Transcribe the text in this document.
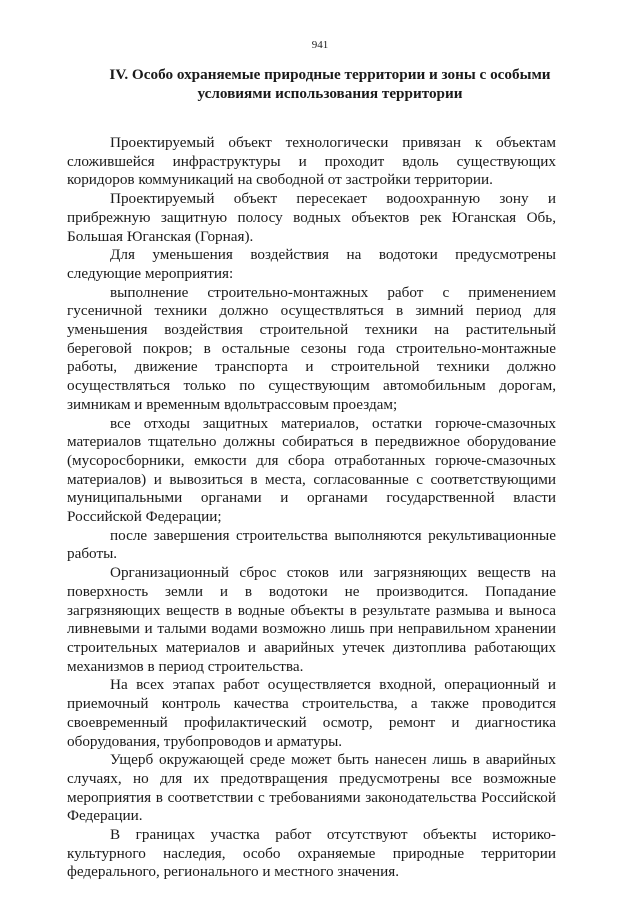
941
IV. Особо охраняемые природные территории и зоны с особыми
условиями использования территории

Проектируемый объект технологически привязан к объектам сложившейся инфраструктуры и проходит вдоль существующих коридоров коммуникаций на свободной от застройки территории.

Проектируемый объект пересекает водоохранную зону и прибрежную защитную полосу водных объектов рек Юганская Обь, Большая Юганская (Горная).

Для уменьшения воздействия на водотоки предусмотрены следующие мероприятия:

выполнение строительно-монтажных работ с применением гусеничной техники должно осуществляться в зимний период для уменьшения воздействия строительной техники на растительный береговой покров; в остальные сезоны года строительно-монтажные работы, движение транспорта и строительной техники должно осуществляться только по существующим автомобильным дорогам, зимникам и временным вдольтрассовым проездам;

все отходы защитных материалов, остатки горюче-смазочных материалов тщательно должны собираться в передвижное оборудование (мусоросборники, емкости для сбора отработанных горюче-смазочных материалов) и вывозиться в места, согласованные с соответствующими муниципальными органами и органами государственной власти Российской Федерации;

после завершения строительства выполняются рекультивационные работы.

Организационный сброс стоков или загрязняющих веществ на поверхность земли и в водотоки не производится. Попадание загрязняющих веществ в водные объекты в результате размыва и выноса ливневыми и талыми водами возможно лишь при неправильном хранении строительных материалов и аварийных утечек дизтоплива работающих механизмов в период строительства.

На всех этапах работ осуществляется входной, операционный и приемочный контроль качества строительства, а также проводится своевременный профилактический осмотр, ремонт и диагностика оборудования, трубопроводов и арматуры.

Ущерб окружающей среде может быть нанесен лишь в аварийных случаях, но для их предотвращения предусмотрены все возможные мероприятия в соответствии с требованиями законодательства Российской Федерации.

В границах участка работ отсутствуют объекты историко-культурного наследия, особо охраняемые природные территории федерального, регионального и местного значения.
